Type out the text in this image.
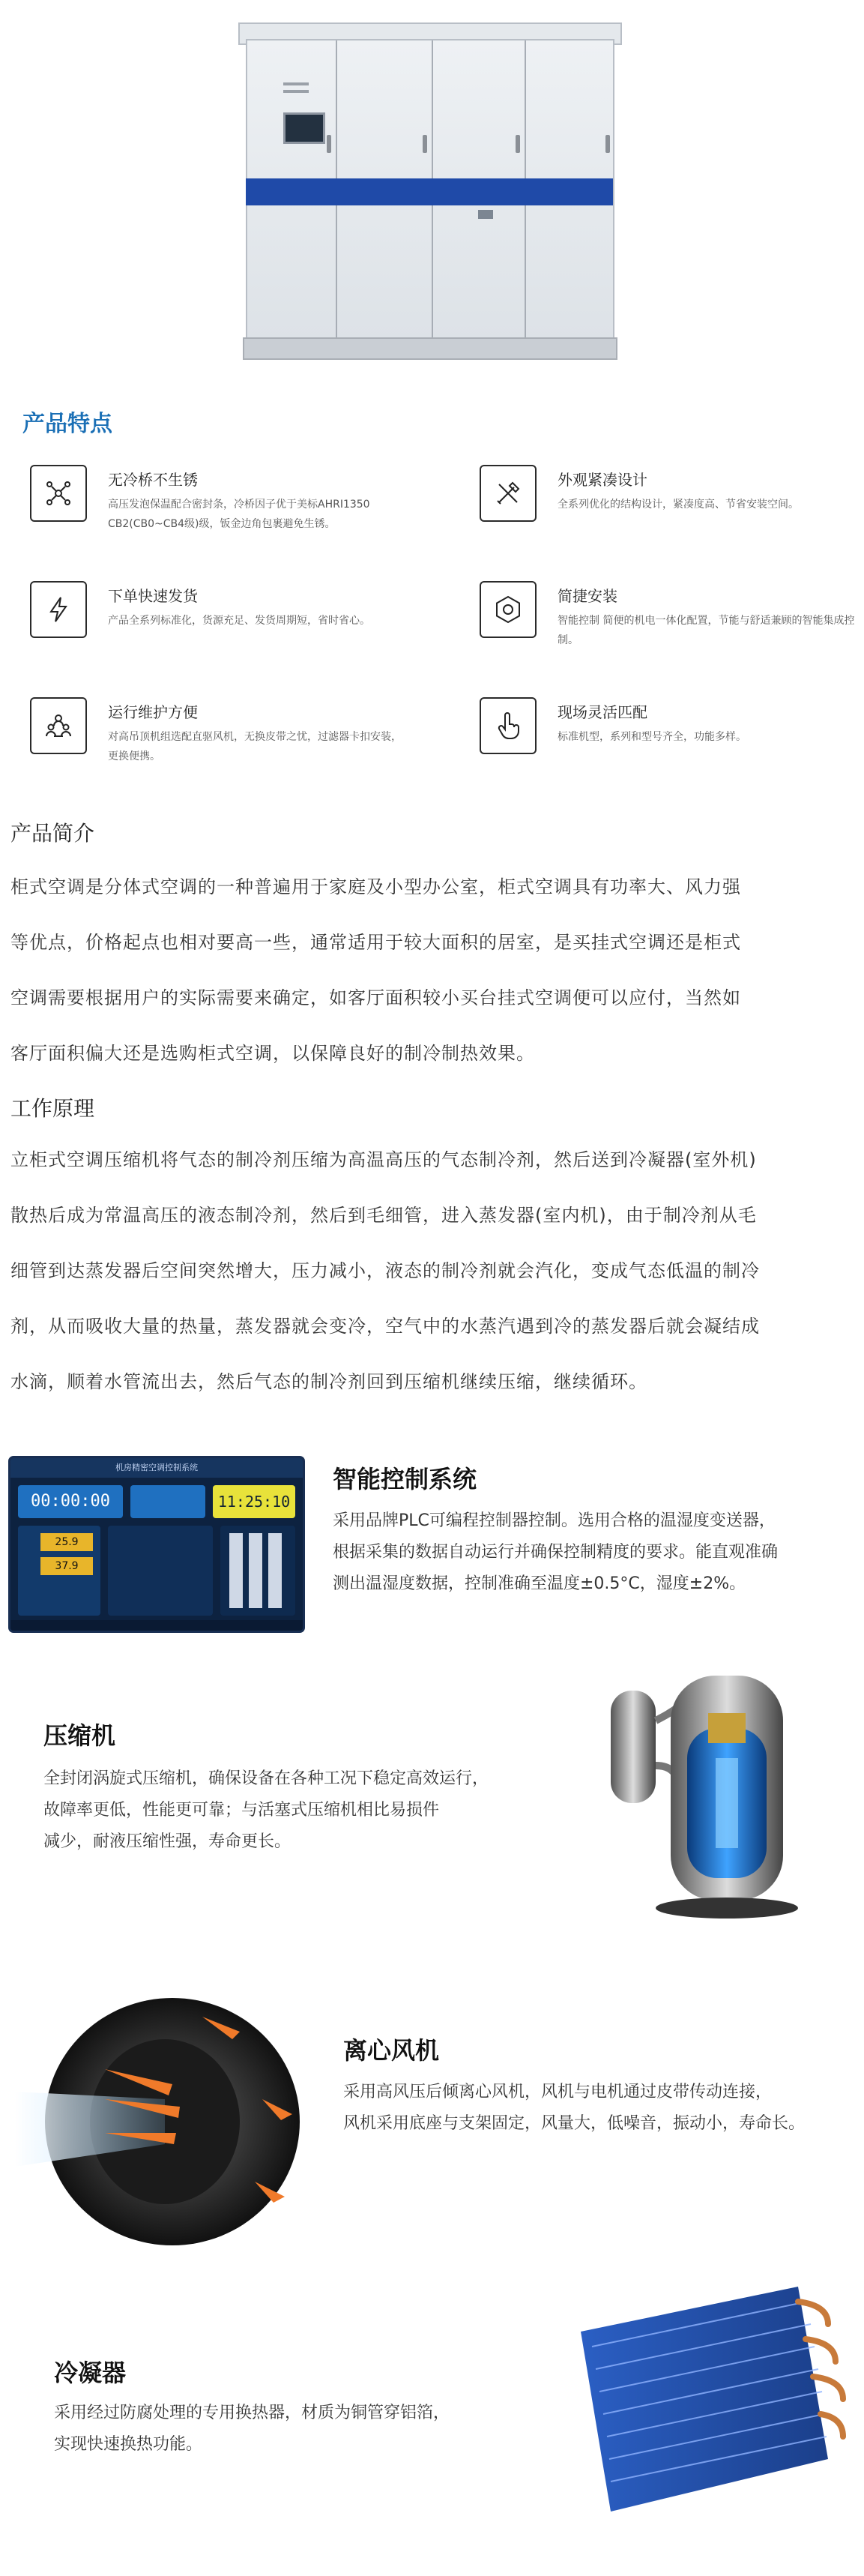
产品特点
无冷桥不生锈
高压发泡保温配合密封条，冷桥因子优于美标AHRI1350 CB2(CB0~CB4级)级，钣金边角包裹避免生锈。
外观紧凑设计
全系列优化的结构设计，紧凑度高、节省安装空间。
下单快速发货
产品全系列标准化，货源充足、发货周期短，省时省心。
简捷安装
智能控制 简便的机电一体化配置，节能与舒适兼顾的智能集成控制。
运行维护方便
对高吊顶机组选配直驱风机，无换皮带之忧，过滤器卡扣安装，更换便携。
现场灵活匹配
标准机型，系列和型号齐全，功能多样。
产品简介
柜式空调是分体式空调的一种普遍用于家庭及小型办公室，柜式空调具有功率大、风力强
等优点，价格起点也相对要高一些，通常适用于较大面积的居室，是买挂式空调还是柜式
空调需要根据用户的实际需要来确定，如客厅面积较小买台挂式空调便可以应付，当然如
客厅面积偏大还是选购柜式空调，以保障良好的制冷制热效果。
工作原理
立柜式空调压缩机将气态的制冷剂压缩为高温高压的气态制冷剂，然后送到冷凝器(室外机)
散热后成为常温高压的液态制冷剂，然后到毛细管，进入蒸发器(室内机)，由于制冷剂从毛
细管到达蒸发器后空间突然增大，压力减小，液态的制冷剂就会汽化，变成气态低温的制冷
剂，从而吸收大量的热量，蒸发器就会变冷，空气中的水蒸汽遇到冷的蒸发器后就会凝结成
水滴，顺着水管流出去，然后气态的制冷剂回到压缩机继续压缩，继续循环。
机房精密空调控制系统
00:00:00	11:25:10
25.9
37.9
智能控制系统
采用品牌PLC可编程控制器控制。选用合格的温湿度变送器，
根据采集的数据自动运行并确保控制精度的要求。能直观准确
测出温湿度数据，控制准确至温度±0.5°C，湿度±2%。
压缩机
全封闭涡旋式压缩机，确保设备在各种工况下稳定高效运行，
故障率更低，性能更可靠；与活塞式压缩机相比易损件
减少，耐液压缩性强，寿命更长。
离心风机
采用高风压后倾离心风机，风机与电机通过皮带传动连接，
风机采用底座与支架固定，风量大，低噪音，振动小，寿命长。
冷凝器
采用经过防腐处理的专用换热器，材质为铜管穿铝箔，
实现快速换热功能。
